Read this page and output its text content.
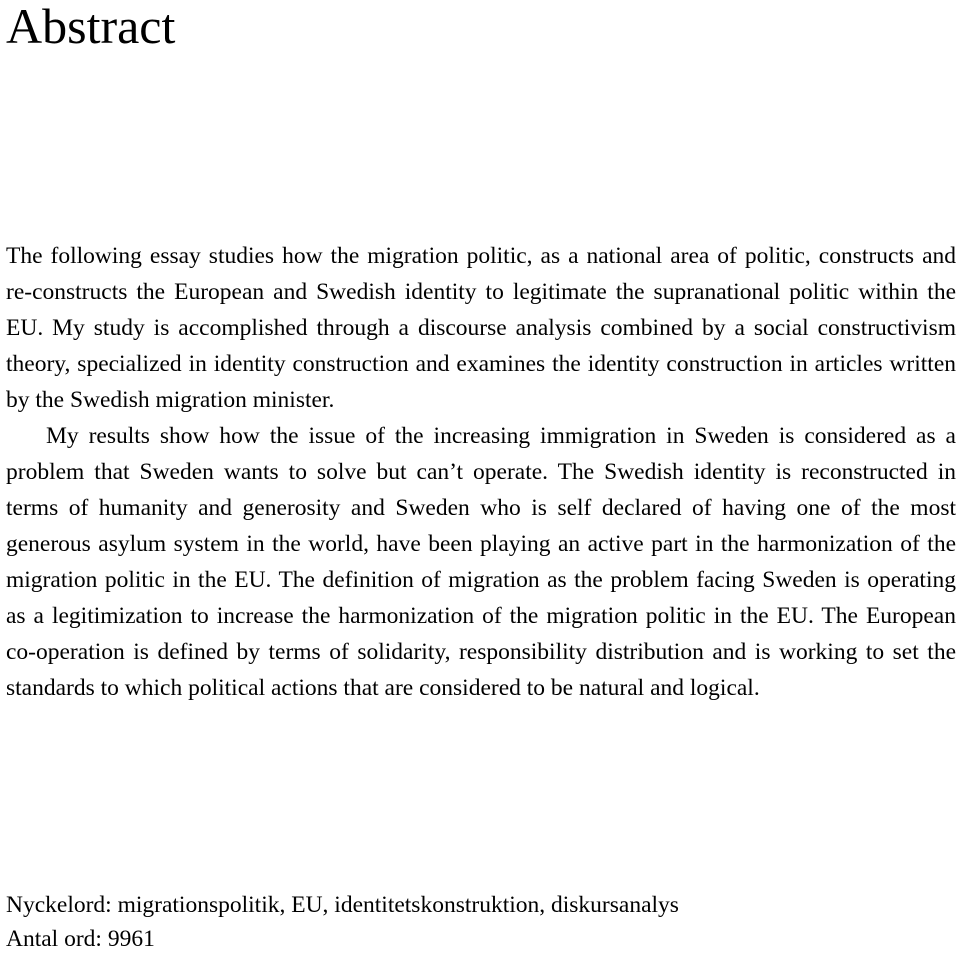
Abstract

The following essay studies how the migration politic, as a national area of politic, constructs and re-constructs the European and Swedish identity to legitimate the supranational politic within the EU. My study is accomplished through a discourse analysis combined by a social constructivism theory, specialized in identity construction and examines the identity construction in articles written by the Swedish migration minister.

My results show how the issue of the increasing immigration in Sweden is considered as a problem that Sweden wants to solve but can’t operate. The Swedish identity is reconstructed in terms of humanity and generosity and Sweden who is self declared of having one of the most generous asylum system in the world, have been playing an active part in the harmonization of the migration politic in the EU. The definition of migration as the problem facing Sweden is operating as a legitimization to increase the harmonization of the migration politic in the EU. The European co-operation is defined by terms of solidarity, responsibility distribution and is working to set the standards to which political actions that are considered to be natural and logical.

Nyckelord: migrationspolitik, EU, identitetskonstruktion, diskursanalys
Antal ord: 9961
